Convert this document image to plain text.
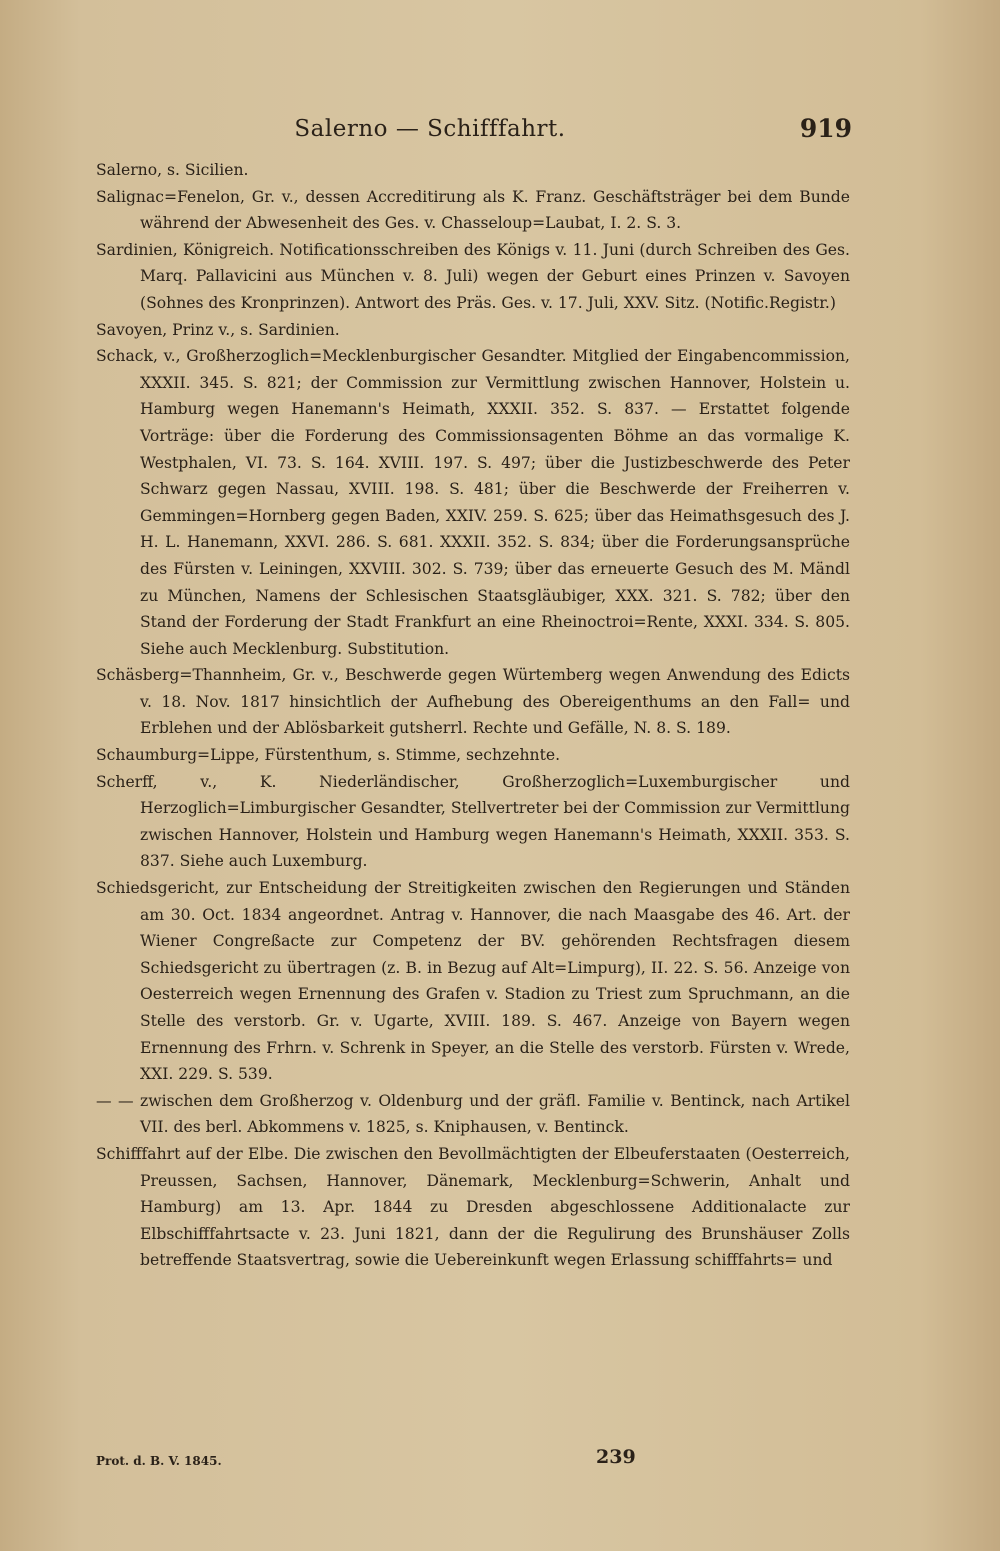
Salerno — Schifffahrt.	919

Salerno, s. Sicilien.

Salignac=Fenelon, Gr. v., dessen Accreditirung als K. Franz. Geschäftsträger bei dem Bunde während der Abwesenheit des Ges. v. Chasseloup=Laubat, I. 2. S. 3.

Sardinien, Königreich. Notificationsschreiben des Königs v. 11. Juni (durch Schreiben des Ges. Marq. Pallavicini aus München v. 8. Juli) wegen der Geburt eines Prinzen v. Savoyen (Sohnes des Kronprinzen). Antwort des Präs. Ges. v. 17. Juli, XXV. Sitz. (Notific.Registr.)

Savoyen, Prinz v., s. Sardinien.

Schack, v., Großherzoglich=Mecklenburgischer Gesandter. Mitglied der Eingabencommission, XXXII. 345. S. 821; der Commission zur Vermittlung zwischen Hannover, Holstein u. Hamburg wegen Hanemann's Heimath, XXXII. 352. S. 837. — Erstattet folgende Vorträge: über die Forderung des Commissionsagenten Böhme an das vormalige K. Westphalen, VI. 73. S. 164. XVIII. 197. S. 497; über die Justizbeschwerde des Peter Schwarz gegen Nassau, XVIII. 198. S. 481; über die Beschwerde der Freiherren v. Gemmingen=Hornberg gegen Baden, XXIV. 259. S. 625; über das Heimathsgesuch des J. H. L. Hanemann, XXVI. 286. S. 681. XXXII. 352. S. 834; über die Forderungsansprüche des Fürsten v. Leiningen, XXVIII. 302. S. 739; über das erneuerte Gesuch des M. Mändl zu München, Namens der Schlesischen Staatsgläubiger, XXX. 321. S. 782; über den Stand der Forderung der Stadt Frankfurt an eine Rheinoctroi=Rente, XXXI. 334. S. 805. Siehe auch Mecklenburg. Substitution.

Schäsberg=Thannheim, Gr. v., Beschwerde gegen Würtemberg wegen Anwendung des Edicts v. 18. Nov. 1817 hinsichtlich der Aufhebung des Obereigenthums an den Fall= und Erblehen und der Ablösbarkeit gutsherrl. Rechte und Gefälle, N. 8. S. 189.

Schaumburg=Lippe, Fürstenthum, s. Stimme, sechzehnte.

Scherff, v., K. Niederländischer, Großherzoglich=Luxemburgischer und Herzoglich=Limburgischer Gesandter, Stellvertreter bei der Commission zur Vermittlung zwischen Hannover, Holstein und Hamburg wegen Hanemann's Heimath, XXXII. 353. S. 837. Siehe auch Luxemburg.

Schiedsgericht, zur Entscheidung der Streitigkeiten zwischen den Regierungen und Ständen am 30. Oct. 1834 angeordnet. Antrag v. Hannover, die nach Maasgabe des 46. Art. der Wiener Congreßacte zur Competenz der BV. gehörenden Rechtsfragen diesem Schiedsgericht zu übertragen (z. B. in Bezug auf Alt=Limpurg), II. 22. S. 56. Anzeige von Oesterreich wegen Ernennung des Grafen v. Stadion zu Triest zum Spruchmann, an die Stelle des verstorb. Gr. v. Ugarte, XVIII. 189. S. 467. Anzeige von Bayern wegen Ernennung des Frhrn. v. Schrenk in Speyer, an die Stelle des verstorb. Fürsten v. Wrede, XXI. 229. S. 539.

— — zwischen dem Großherzog v. Oldenburg und der gräfl. Familie v. Bentinck, nach Artikel VII. des berl. Abkommens v. 1825, s. Kniphausen, v. Bentinck.

Schifffahrt auf der Elbe. Die zwischen den Bevollmächtigten der Elbeuferstaaten (Oesterreich, Preussen, Sachsen, Hannover, Dänemark, Mecklenburg=Schwerin, Anhalt und Hamburg) am 13. Apr. 1844 zu Dresden abgeschlossene Additionalacte zur Elbschifffahrtsacte v. 23. Juni 1821, dann der die Regulirung des Brunshäuser Zolls betreffende Staatsvertrag, sowie die Uebereinkunft wegen Erlassung schifffahrts= und

Prot. d. B. V. 1845.	239
